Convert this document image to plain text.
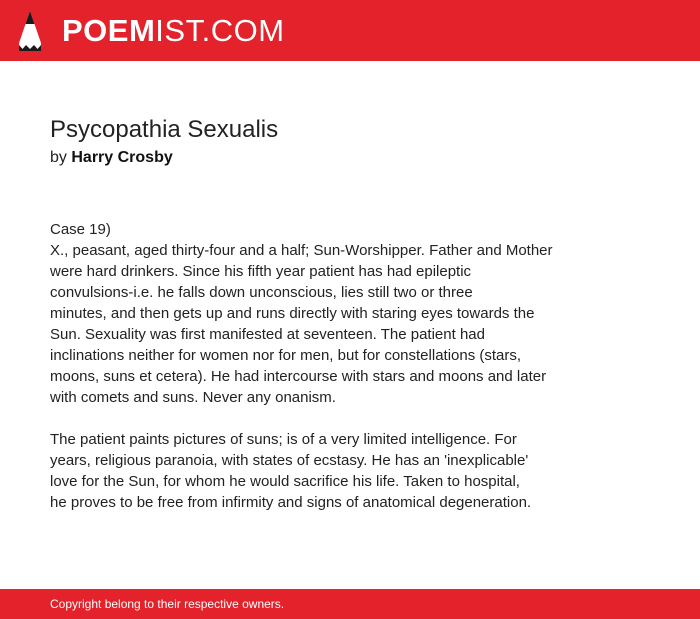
POEMIST.COM
Psycopathia Sexualis
by Harry Crosby
Case 19)
X., peasant, aged thirty-four and a half; Sun-Worshipper. Father and Mother
were hard drinkers. Since his fifth year patient has had epileptic
convulsions-i.e. he falls down unconscious, lies still two or three
minutes, and then gets up and runs directly with staring eyes towards the
Sun. Sexuality was first manifested at seventeen. The patient had
inclinations neither for women nor for men, but for constellations (stars,
moons, suns et cetera). He had intercourse with stars and moons and later
with comets and suns. Never any onanism.
The patient paints pictures of suns; is of a very limited intelligence. For
years, religious paranoia, with states of ecstasy. He has an 'inexplicable'
love for the Sun, for whom he would sacrifice his life. Taken to hospital,
he proves to be free from infirmity and signs of anatomical degeneration.
Copyright belong to their respective owners.
